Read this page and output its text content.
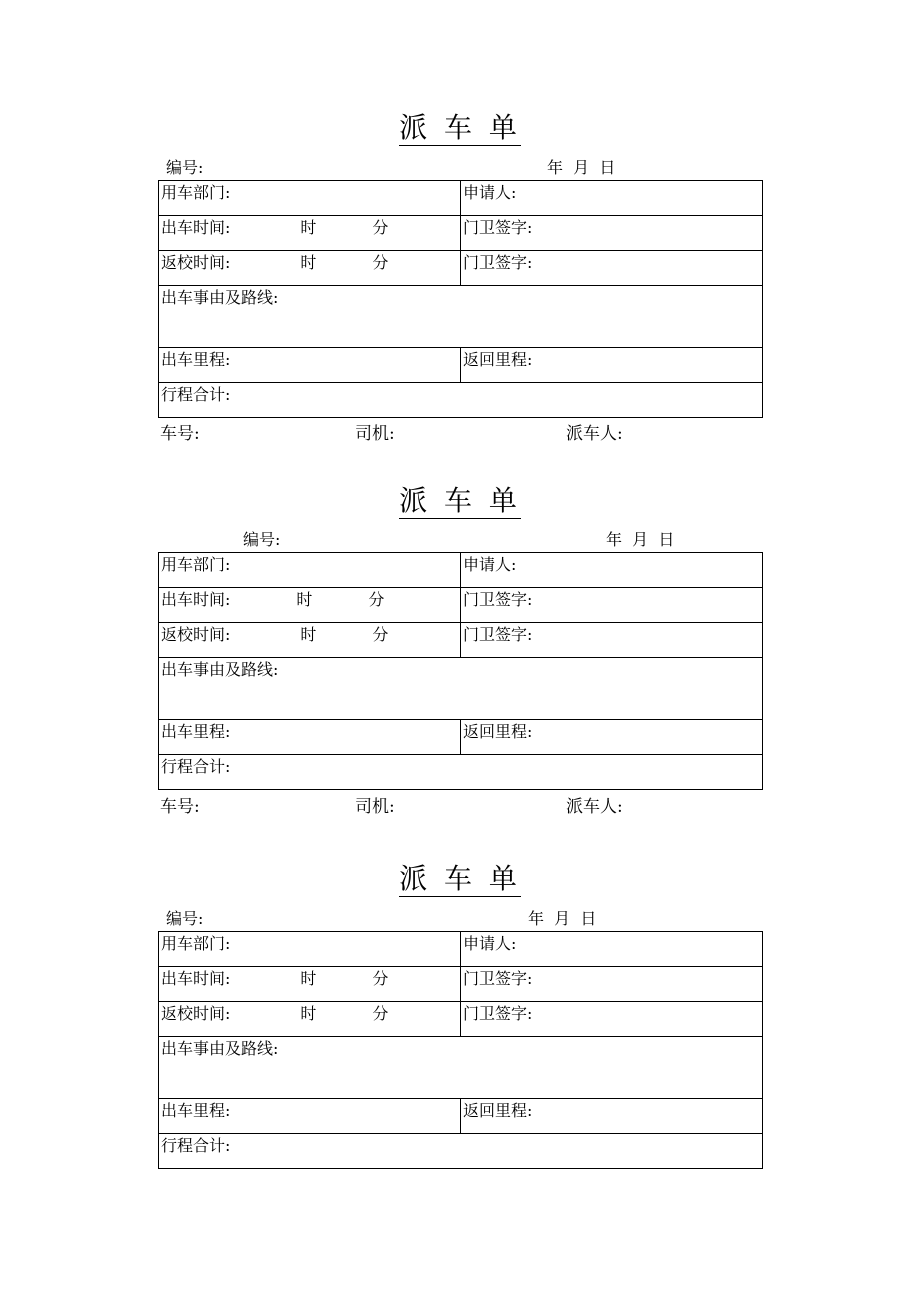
派 车 单
编号:	年  月  日
用车部门:	申请人:
出车时间: 时 分	门卫签字:
返校时间: 时 分	门卫签字:
出车事由及路线:	
出车里程:	返回里程:
行程合计:	
车号:	司机:	派车人:
派 车 单
编号:	年  月  日
用车部门:	申请人:
出车时间: 时 分	门卫签字:
返校时间: 时 分	门卫签字:
出车事由及路线:	
出车里程:	返回里程:
行程合计:	
车号:	司机:	派车人:
派 车 单
编号:	年  月  日
用车部门:	申请人:
出车时间: 时 分	门卫签字:
返校时间: 时 分	门卫签字:
出车事由及路线:	
出车里程:	返回里程:
行程合计:	
